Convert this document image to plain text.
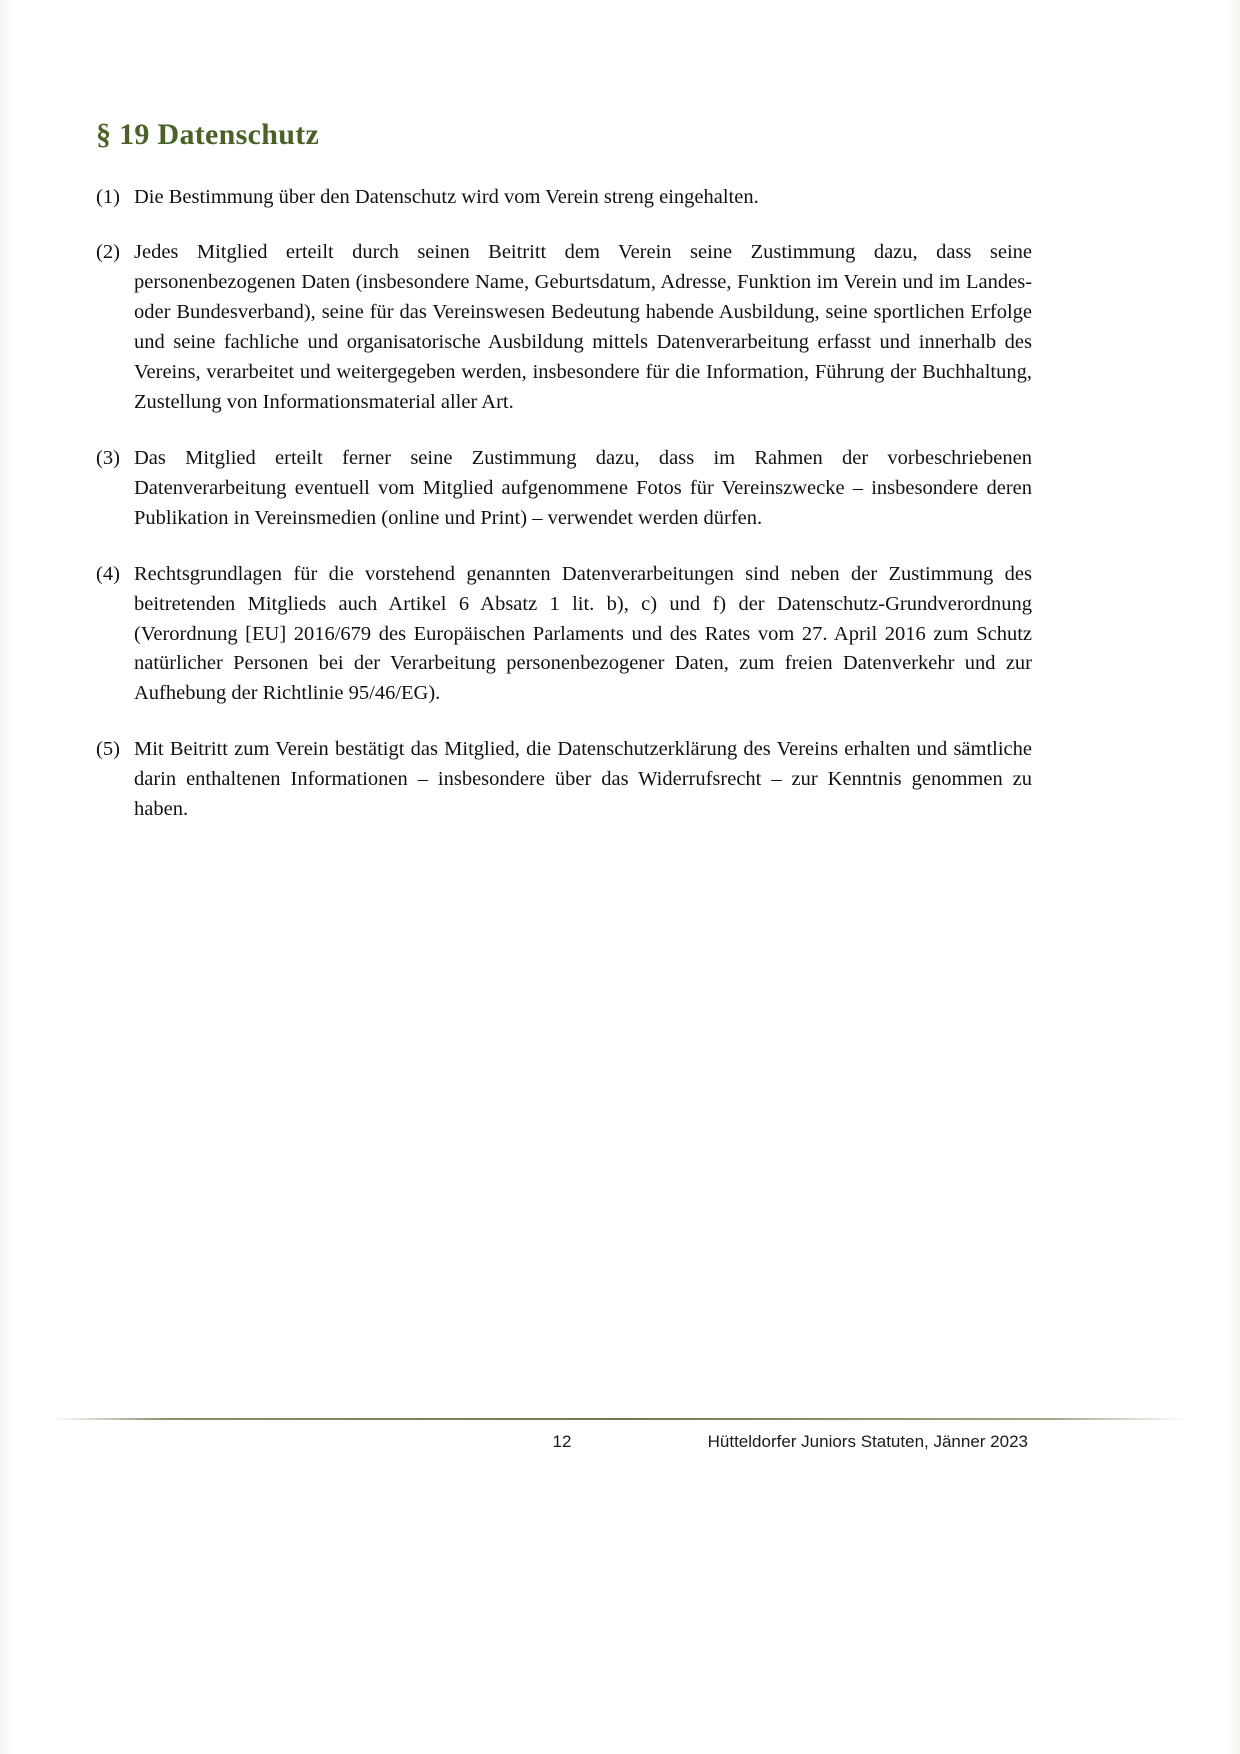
§ 19 Datenschutz
(1) Die Bestimmung über den Datenschutz wird vom Verein streng eingehalten.
(2) Jedes Mitglied erteilt durch seinen Beitritt dem Verein seine Zustimmung dazu, dass seine personenbezogenen Daten (insbesondere Name, Geburtsdatum, Adresse, Funktion im Verein und im Landes- oder Bundesverband), seine für das Vereinswesen Bedeutung habende Ausbildung, seine sportlichen Erfolge und seine fachliche und organisatorische Ausbildung mittels Datenverarbeitung erfasst und innerhalb des Vereins, verarbeitet und weitergegeben werden, insbesondere für die Information, Führung der Buchhaltung, Zustellung von Informationsmaterial aller Art.
(3) Das Mitglied erteilt ferner seine Zustimmung dazu, dass im Rahmen der vorbeschriebenen Datenverarbeitung eventuell vom Mitglied aufgenommene Fotos für Vereinszwecke – insbesondere deren Publikation in Vereinsmedien (online und Print) – verwendet werden dürfen.
(4) Rechtsgrundlagen für die vorstehend genannten Datenverarbeitungen sind neben der Zustimmung des beitretenden Mitglieds auch Artikel 6 Absatz 1 lit. b), c) und f) der Datenschutz-Grundverordnung (Verordnung [EU] 2016/679 des Europäischen Parlaments und des Rates vom 27. April 2016 zum Schutz natürlicher Personen bei der Verarbeitung personenbezogener Daten, zum freien Datenverkehr und zur Aufhebung der Richtlinie 95/46/EG).
(5) Mit Beitritt zum Verein bestätigt das Mitglied, die Datenschutzerklärung des Vereins erhalten und sämtliche darin enthaltenen Informationen – insbesondere über das Widerrufsrecht – zur Kenntnis genommen zu haben.
12	Hütteldorfer Juniors Statuten, Jänner 2023
